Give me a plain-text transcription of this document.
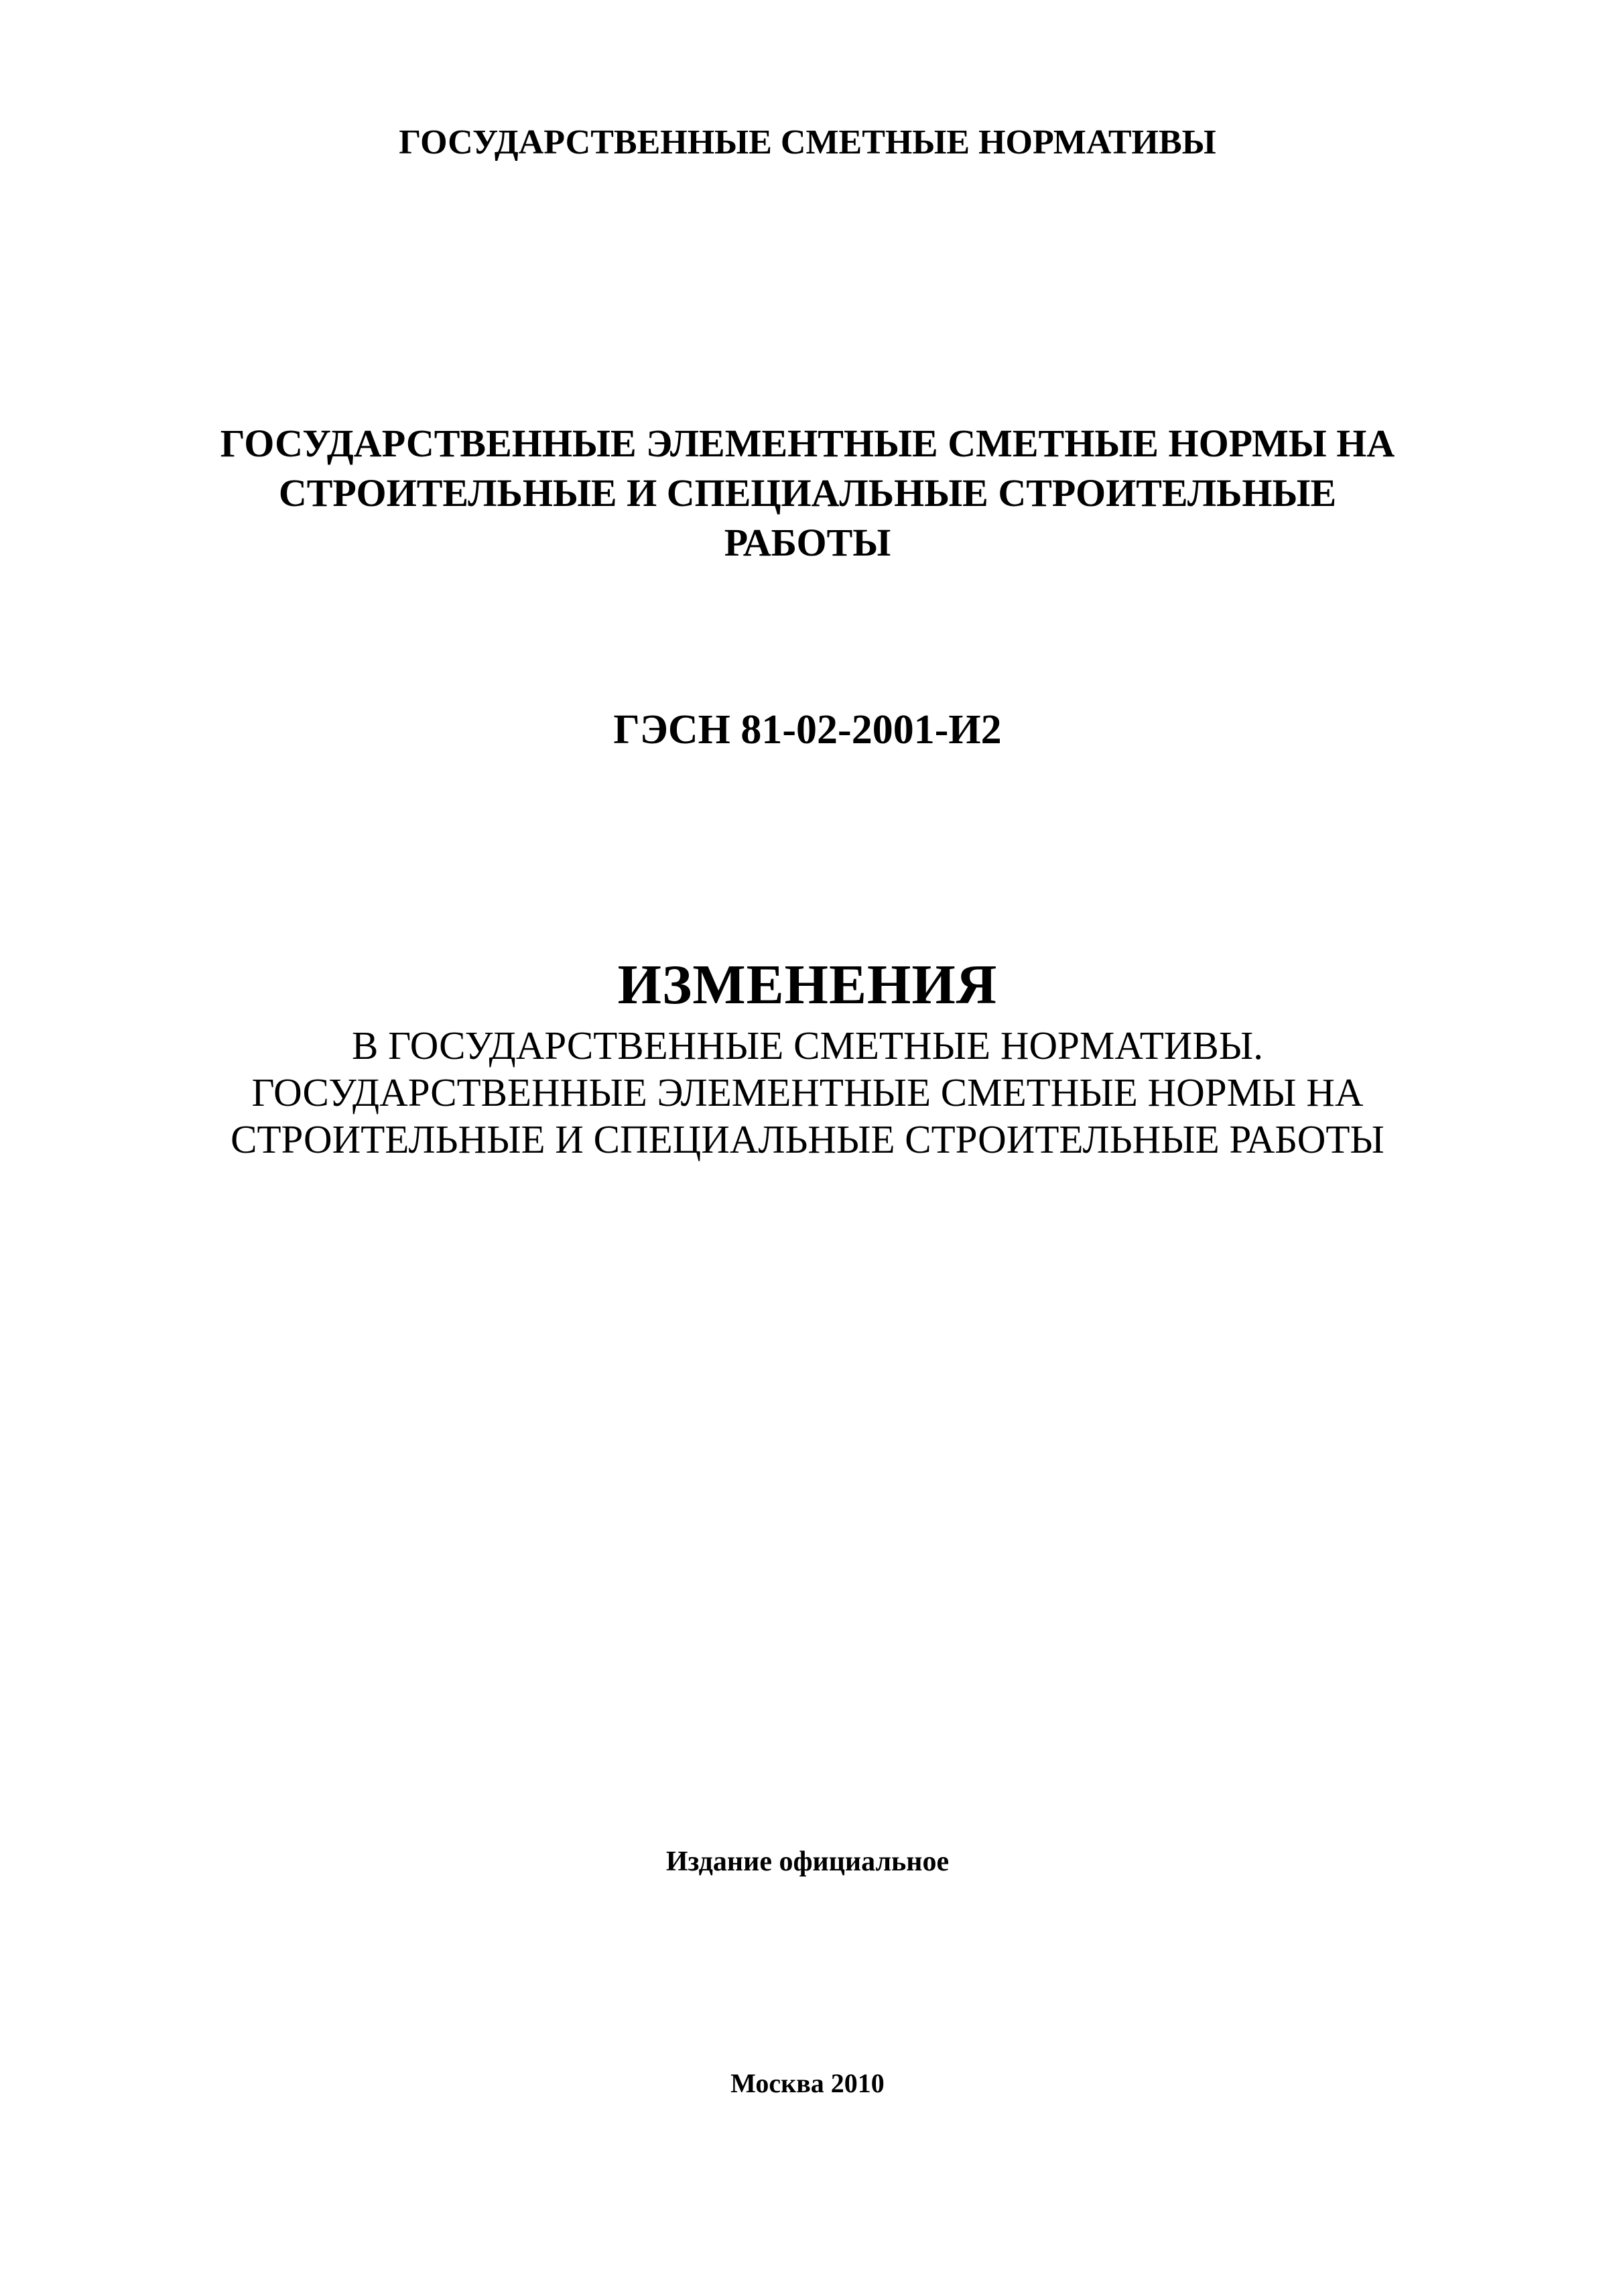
ГОСУДАРСТВЕННЫЕ СМЕТНЫЕ НОРМАТИВЫ
ГОСУДАРСТВЕННЫЕ ЭЛЕМЕНТНЫЕ СМЕТНЫЕ НОРМЫ НА
СТРОИТЕЛЬНЫЕ И СПЕЦИАЛЬНЫЕ СТРОИТЕЛЬНЫЕ
РАБОТЫ
ГЭСН 81-02-2001-И2
ИЗМЕНЕНИЯ
В ГОСУДАРСТВЕННЫЕ СМЕТНЫЕ НОРМАТИВЫ.
ГОСУДАРСТВЕННЫЕ ЭЛЕМЕНТНЫЕ СМЕТНЫЕ НОРМЫ НА
СТРОИТЕЛЬНЫЕ И СПЕЦИАЛЬНЫЕ СТРОИТЕЛЬНЫЕ РАБОТЫ
Издание официальное
Москва 2010
